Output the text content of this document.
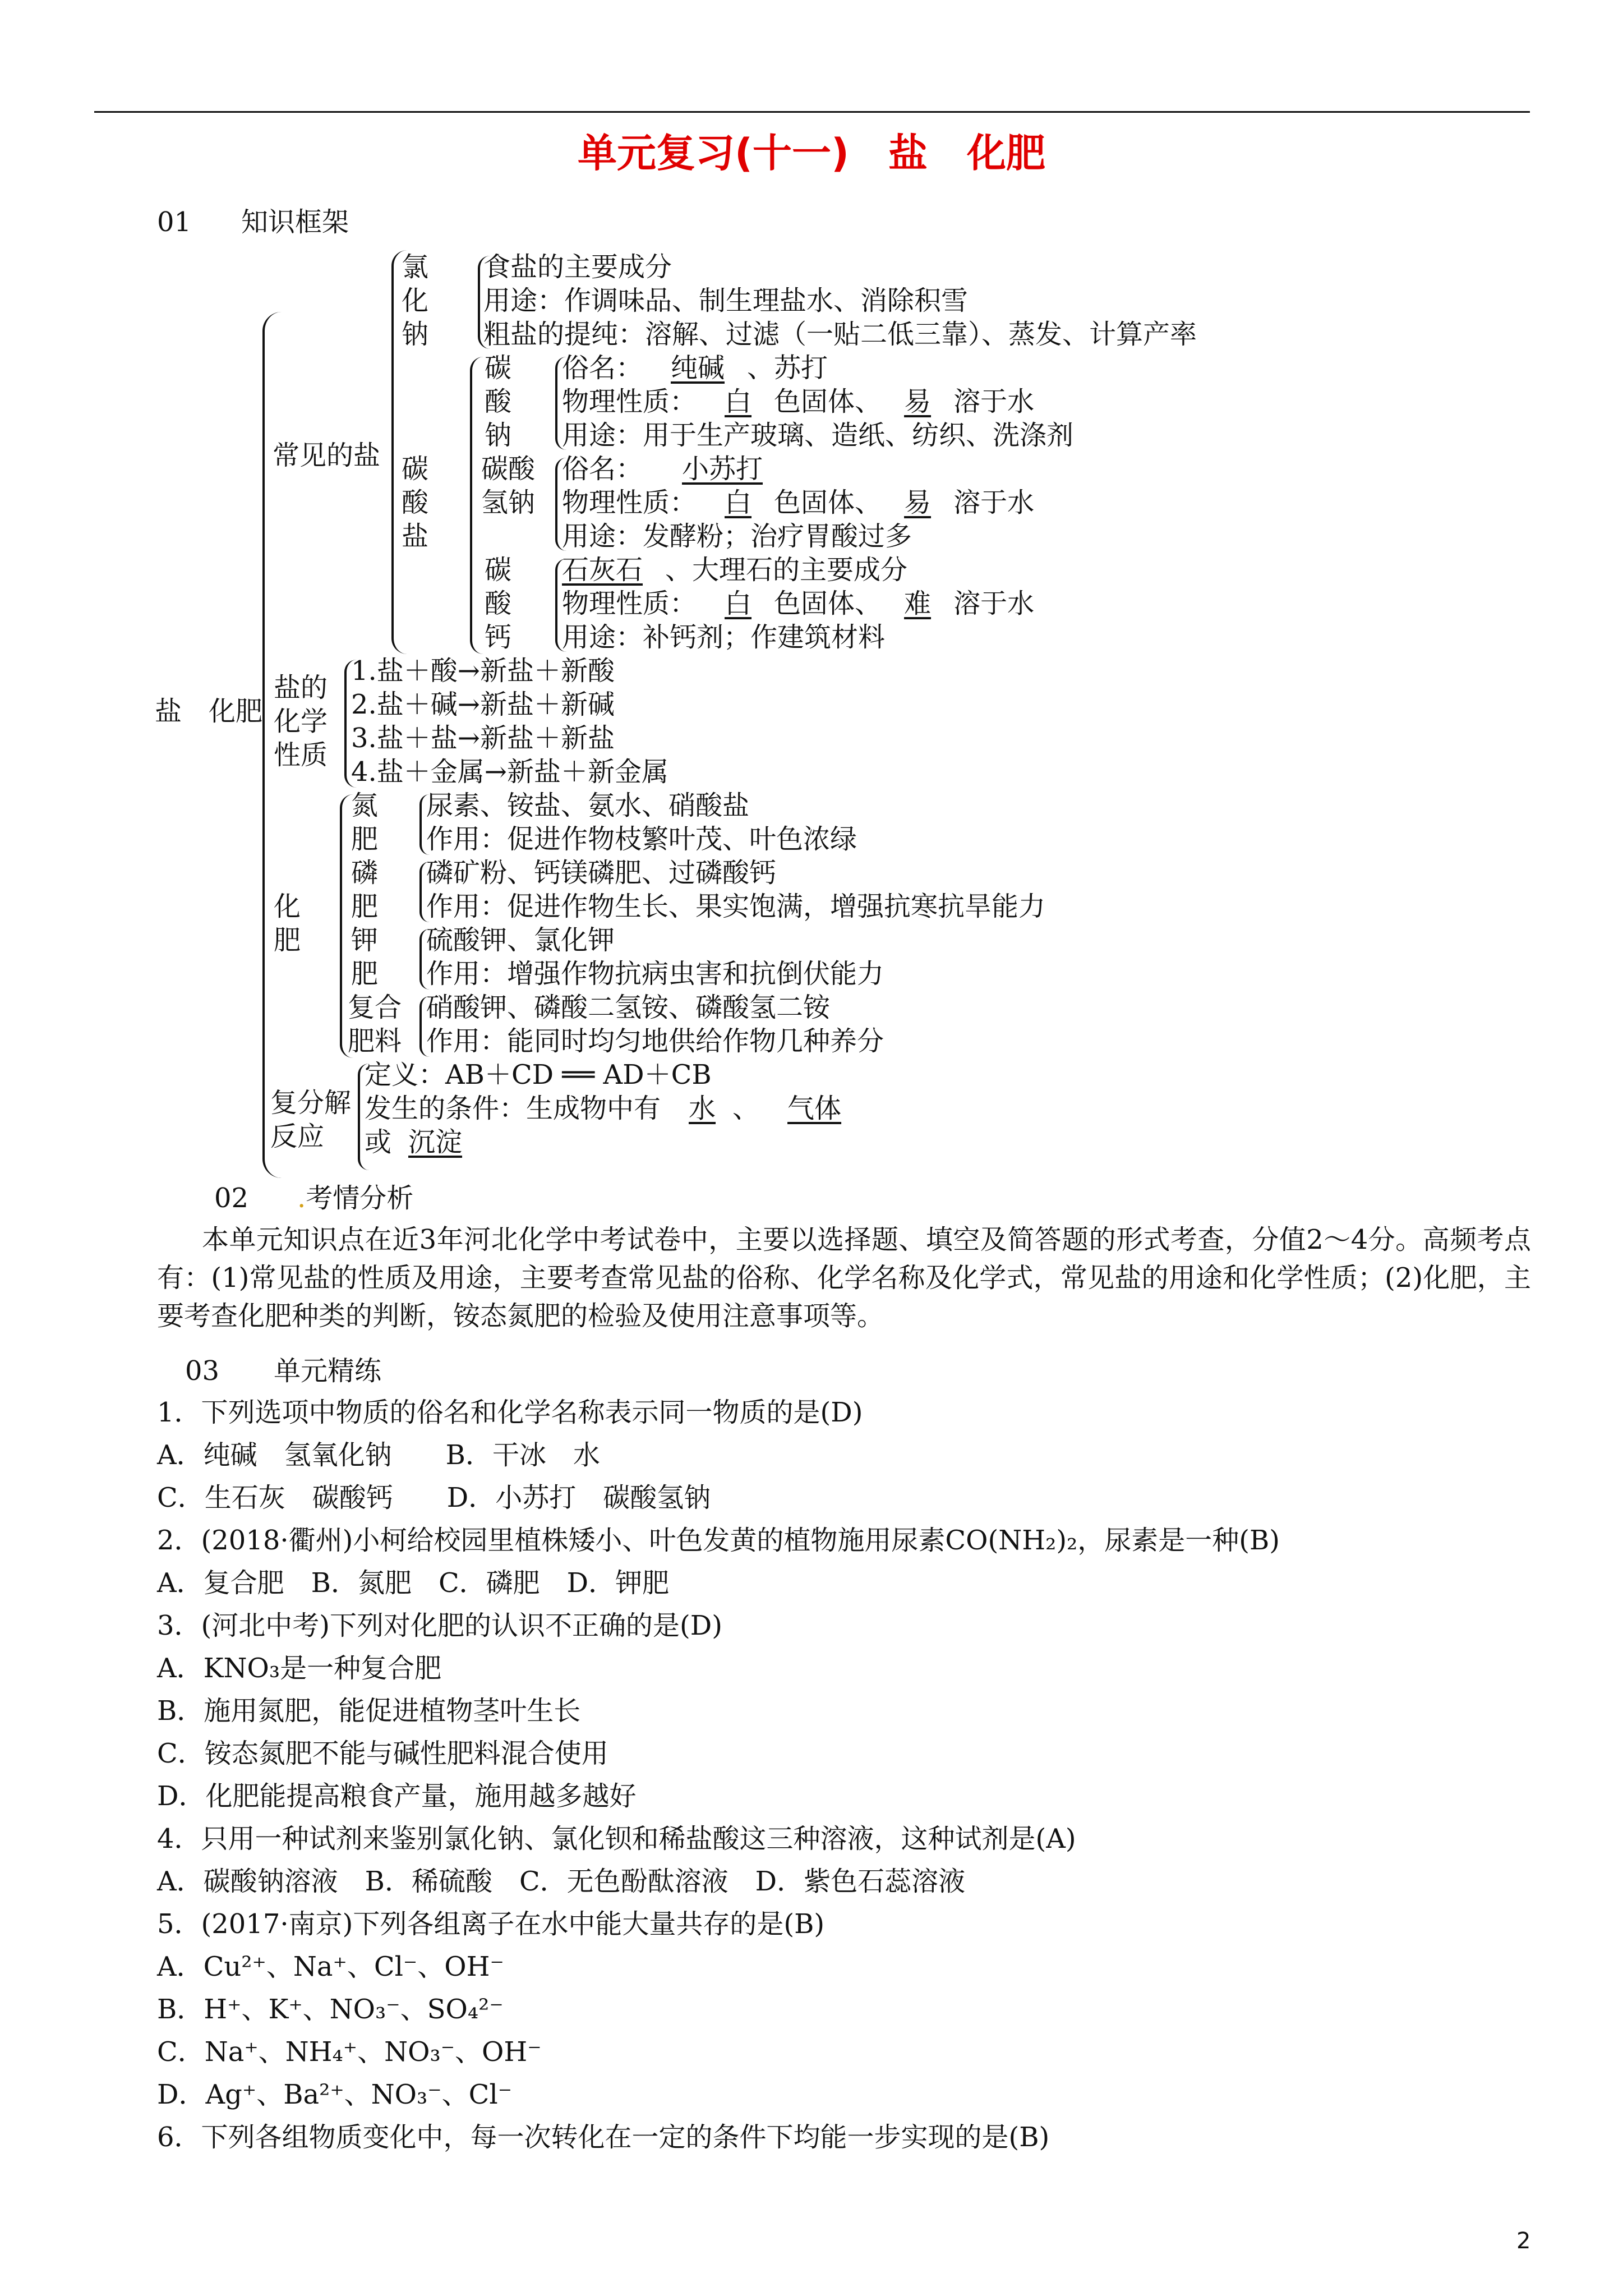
单元复习(十一)　盐　化肥
01 知识框架
盐　化肥
常见的盐
氯化钠
食盐的主要成分
用途：作调味品、制生理盐水、消除积雪
粗盐的提纯：溶解、过滤（一贴二低三靠）、蒸发、计算产率
碳酸盐
碳酸钠
俗名： 纯碱 、苏打
物理性质： 白 色固体、 易 溶于水
用途：用于生产玻璃、造纸、纺织、洗涤剂
碳酸
氢钠
俗名： 小苏打
物理性质： 白 色固体、 易 溶于水
用途：发酵粉；治疗胃酸过多
碳酸钙
石灰石 、大理石的主要成分
物理性质： 白 色固体、 难 溶于水
用途：补钙剂；作建筑材料
盐的化学性质
1.盐＋酸→新盐＋新酸
2.盐＋碱→新盐＋新碱
3.盐＋盐→新盐＋新盐
4.盐＋金属→新盐＋新金属
化肥
氮肥
尿素、铵盐、氨水、硝酸盐
作用：促进作物枝繁叶茂、叶色浓绿
磷肥
磷矿粉、钙镁磷肥、过磷酸钙
作用：促进作物生长、果实饱满，增强抗寒抗旱能力
钾肥
硫酸钾、氯化钾
作用：增强作物抗病虫害和抗倒伏能力
复合
肥料
硝酸钾、磷酸二氢铵、磷酸氢二铵
作用：能同时均匀地供给作物几种养分
复分解
反应
定义：AB＋CD ══ AD＋CB
发生的条件：生成物中有 水 、 气体
或 沉淀
02 .考情分析
本单元知识点在近3年河北化学中考试卷中，主要以选择题、填空及简答题的形式考查，分值2～4分。高频考点有：(1)常见盐的性质及用途，主要考查常见盐的俗称、化学名称及化学式，常见盐的用途和化学性质；(2)化肥，主要考查化肥种类的判断，铵态氮肥的检验及使用注意事项等。
03 单元精练
1．下列选项中物质的俗名和化学名称表示同一物质的是(D)
A．纯碱　氢氧化钠　　B．干冰　水
C．生石灰　碳酸钙　　D．小苏打　碳酸氢钠
2．(2018·衢州)小柯给校园里植株矮小、叶色发黄的植物施用尿素CO(NH₂)₂，尿素是一种(B)
A．复合肥　B．氮肥　C．磷肥　D．钾肥
3．(河北中考)下列对化肥的认识不正确的是(D)
A．KNO₃是一种复合肥
B．施用氮肥，能促进植物茎叶生长
C．铵态氮肥不能与碱性肥料混合使用
D．化肥能提高粮食产量，施用越多越好
4．只用一种试剂来鉴别氯化钠、氯化钡和稀盐酸这三种溶液，这种试剂是(A)
A．碳酸钠溶液　B．稀硫酸　C．无色酚酞溶液　D．紫色石蕊溶液
5．(2017·南京)下列各组离子在水中能大量共存的是(B)
A．Cu²⁺、Na⁺、Cl⁻、OH⁻
B．H⁺、K⁺、NO₃⁻、SO₄²⁻
C．Na⁺、NH₄⁺、NO₃⁻、OH⁻
D．Ag⁺、Ba²⁺、NO₃⁻、Cl⁻
6．下列各组物质变化中，每一次转化在一定的条件下均能一步实现的是(B)
2
